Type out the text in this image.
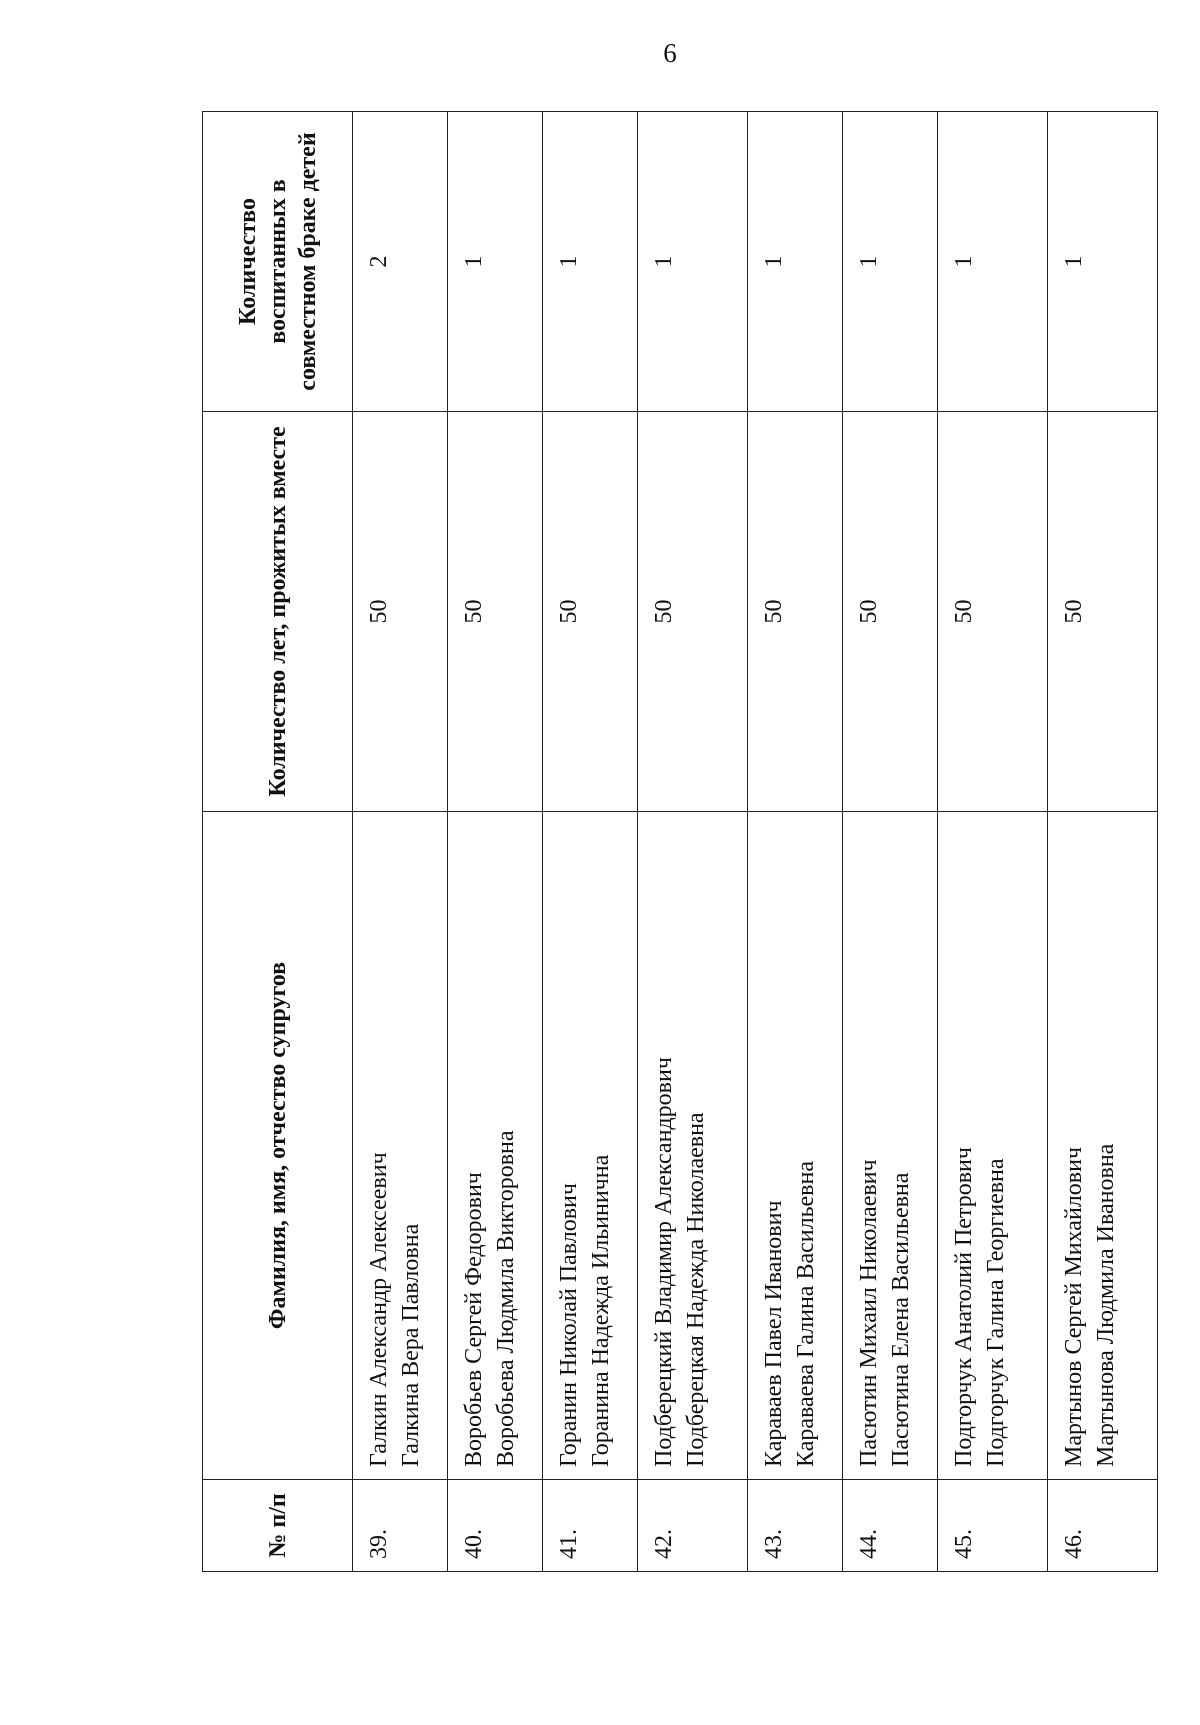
6
№ п/п	Фамилия, имя, отчество супругов	Количество лет, прожитых вместе	Количество воспитанных в совместном браке детей
39.	Галкин Александр Алексеевич Галкина Вера Павловна	50	2
40.	Воробьев Сергей Федорович Воробьева Людмила Викторовна	50	1
41.	Горанин Николай Павлович Горанина Надежда Ильинична	50	1
42.	Подберецкий Владимир Александрович Подберецкая Надежда Николаевна	50	1
43.	Караваев Павел Иванович Караваева Галина Васильевна	50	1
44.	Пасютин Михаил Николаевич Пасютина Елена Васильевна	50	1
45.	Подгорчук Анатолий Петрович Подгорчук Галина Георгиевна	50	1
46.	Мартынов Сергей Михайлович Мартынова Людмила Ивановна	50	1
